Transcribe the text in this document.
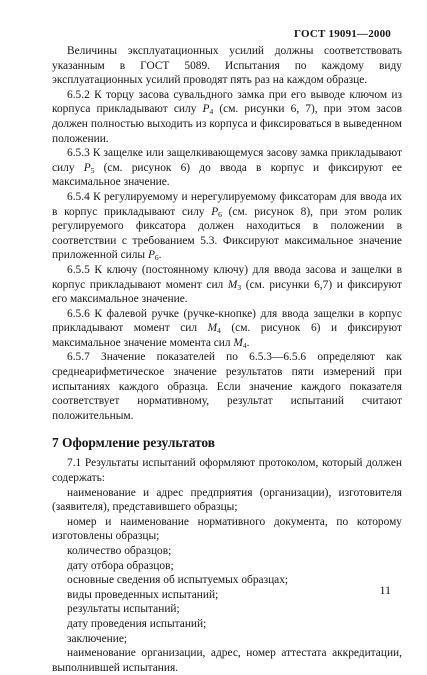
ГОСТ 19091—2000

Величины эксплуатационных усилий должны соответствовать указанным в ГОСТ 5089. Испытания по каждому виду эксплуатационных усилий проводят пять раз на каждом образце.

6.5.2 К торцу засова сувальдного замка при его выводе ключом из корпуса прикладывают силу $P_4$ (см. рисунки 6, 7), при этом засов должен полностью выходить из корпуса и фиксироваться в выведенном положении.

6.5.3 К защелке или защелкивающемуся засову замка прикладывают силу $P_5$ (см. рисунок 6) до ввода в корпус и фиксируют ее максимальное значение.

6.5.4 К регулируемому и нерегулируемому фиксаторам для ввода их в корпус прикладывают силу $P_6$ (см. рисунок 8), при этом ролик регулируемого фиксатора должен находиться в положении в соответствии с требованием 5.3. Фиксируют максимальное значение приложенной силы $P_6$.

6.5.5 К ключу (постоянному ключу) для ввода засова и защелки в корпус прикладывают момент сил $M_3$ (см. рисунки 6,7) и фиксируют его максимальное значение.

6.5.6 К фалевой ручке (ручке-кнопке) для ввода защелки в корпус прикладывают момент сил $M_4$ (см. рисунок 6) и фиксируют максимальное значение момента сил $M_4$.

6.5.7 Значение показателей по 6.5.3—6.5.6 определяют как среднеарифметическое значение результатов пяти измерений при испытаниях каждого образца. Если значение каждого показателя соответствует нормативному, результат испытаний считают положительным.

7 Оформление результатов

7.1 Результаты испытаний оформляют протоколом, который должен содержать:

наименование и адрес предприятия (организации), изготовителя (заявителя), представившего образцы;

номер и наименование нормативного документа, по которому изготовлены образцы;

количество образцов;

дату отбора образцов;

основные сведения об испытуемых образцах;

виды проведенных испытаний;

результаты испытаний;

дату проведения испытаний;

заключение;

наименование организации, адрес, номер аттестата аккредитации, выполнившей испытания.

11
